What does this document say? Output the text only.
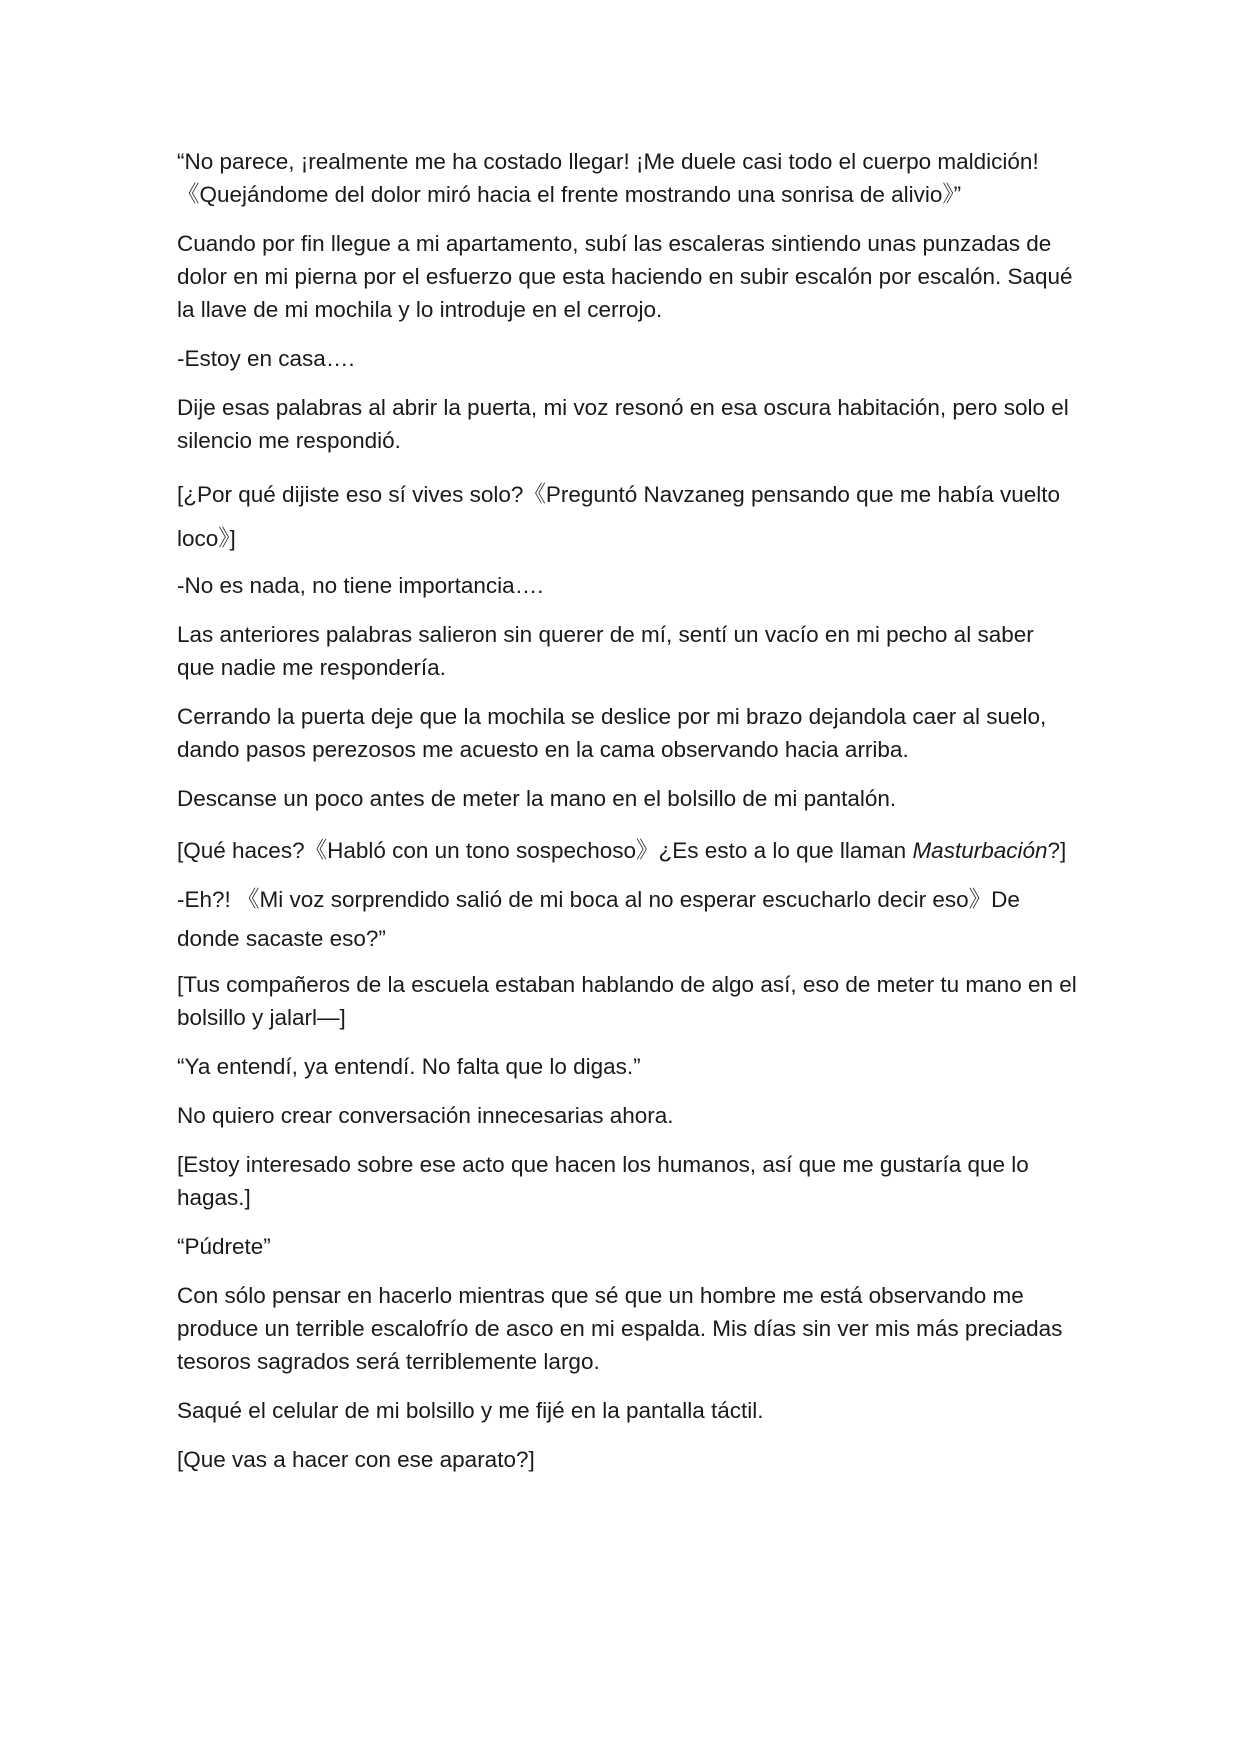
“No parece, ¡realmente me ha costado llegar! ¡Me duele casi todo el cuerpo maldición! 《Quejándome del dolor miró hacia el frente mostrando una sonrisa de alivio》”

Cuando por fin llegue a mi apartamento, subí las escaleras sintiendo unas punzadas de dolor en mi pierna por el esfuerzo que esta haciendo en subir escalón por escalón. Saqué la llave de mi mochila y lo introduje en el cerrojo.

-Estoy en casa….

Dije esas palabras al abrir la puerta, mi voz resonó en esa oscura habitación, pero solo el silencio me respondió.

[¿Por qué dijiste eso sí vives solo?《Preguntó Navzaneg pensando que me había vuelto loco》]

-No es nada, no tiene importancia….

Las anteriores palabras salieron sin querer de mí, sentí un vacío en mi pecho al saber que nadie me respondería.

Cerrando la puerta deje que la mochila se deslice por mi brazo dejandola caer al suelo, dando pasos perezosos me acuesto en la cama observando hacia arriba.

Descanse un poco antes de meter la mano en el bolsillo de mi pantalón.

[Qué haces?《Habló con un tono sospechoso》¿Es esto a lo que llaman Masturbación?]

-Eh?! 《Mi voz sorprendido salió de mi boca al no esperar escucharlo decir eso》De donde sacaste eso?”

[Tus compañeros de la escuela estaban hablando de algo así, eso de meter tu mano en el bolsillo y jalarl—]

“Ya entendí, ya entendí. No falta que lo digas.”

No quiero crear conversación innecesarias ahora.

[Estoy interesado sobre ese acto que hacen los humanos, así que me gustaría que lo hagas.]

“Púdrete”

Con sólo pensar en hacerlo mientras que sé que un hombre me está observando me produce un terrible escalofrío de asco en mi espalda. Mis días sin ver mis más preciadas tesoros sagrados será terriblemente largo.

Saqué el celular de mi bolsillo y me fijé en la pantalla táctil.

[Que vas a hacer con ese aparato?]
